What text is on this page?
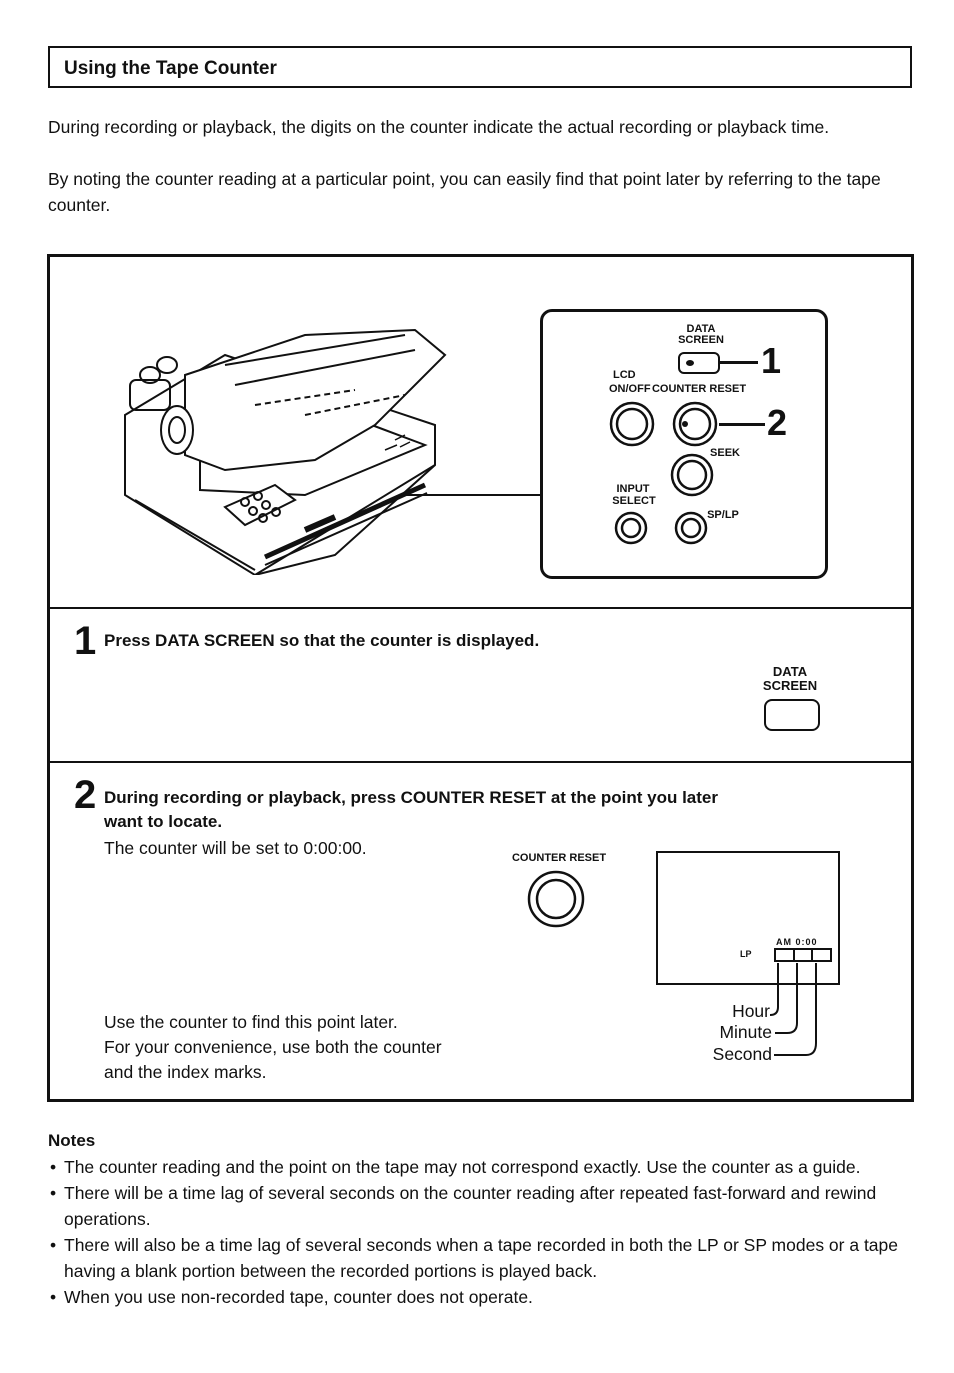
Using the Tape Counter
During recording or playback, the digits on the counter indicate the actual recording or playback time.
By noting the counter reading at a particular point, you can easily find that point later by referring to the tape counter.
DATA
SCREEN	1
LCD
ON/OFF COUNTER RESET
2
SEEK
INPUT
SELECT
SP/LP
1 Press DATA SCREEN so that the counter is displayed.
DATA
SCREEN
2 During recording or playback, press COUNTER RESET at the point you later
want to locate.
The counter will be set to 0:00:00.	COUNTER RESET
LP
AM 0:00
Hour
Minute
Second
Use the counter to find this point later.
For your convenience, use both the counter
and the index marks.
Notes
• The counter reading and the point on the tape may not correspond exactly. Use the counter as a guide.
• There will be a time lag of several seconds on the counter reading after repeated fast-forward and rewind operations.
• There will also be a time lag of several seconds when a tape recorded in both the LP or SP modes or a tape having a blank portion between the recorded portions is played back.
• When you use non-recorded tape, counter does not operate.
